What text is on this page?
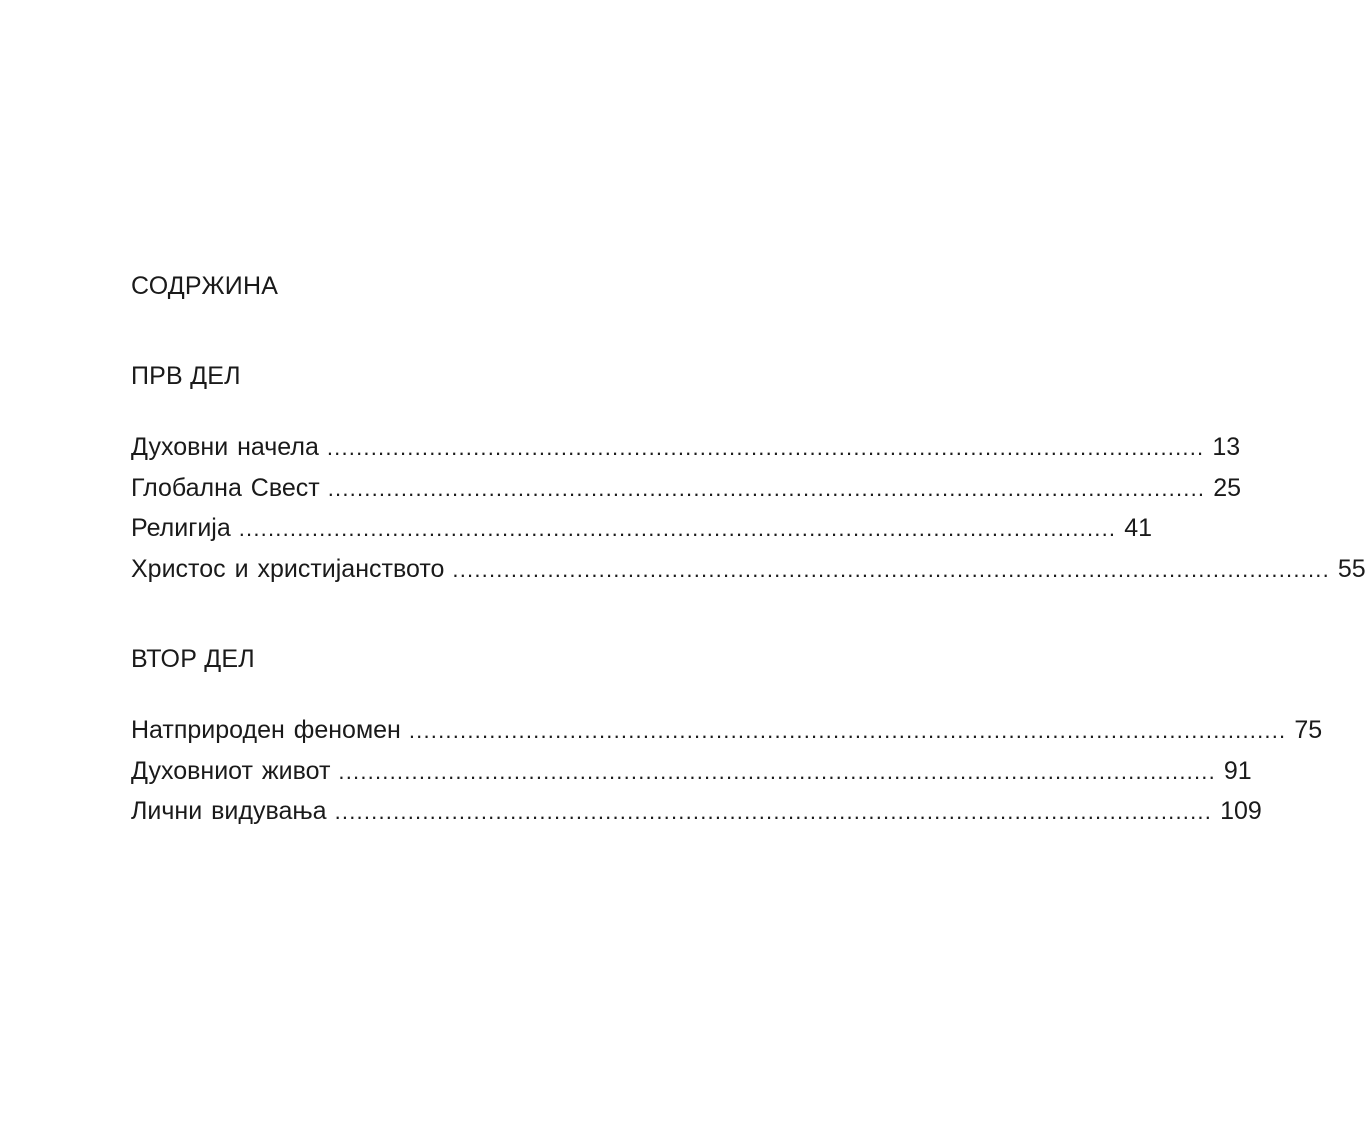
СОДРЖИНА
ПРВ ДЕЛ
Духовни начела ........................................................................................................................ 13
Глобална Свест ........................................................................................................................ 25
Религија ........................................................................................................................ 41
Христос и христијанството ........................................................................................................................ 55
ВТОР ДЕЛ
Натприроден феномен ........................................................................................................................ 75
Духовниот живот ........................................................................................................................ 91
Лични видувања ........................................................................................................................ 109
